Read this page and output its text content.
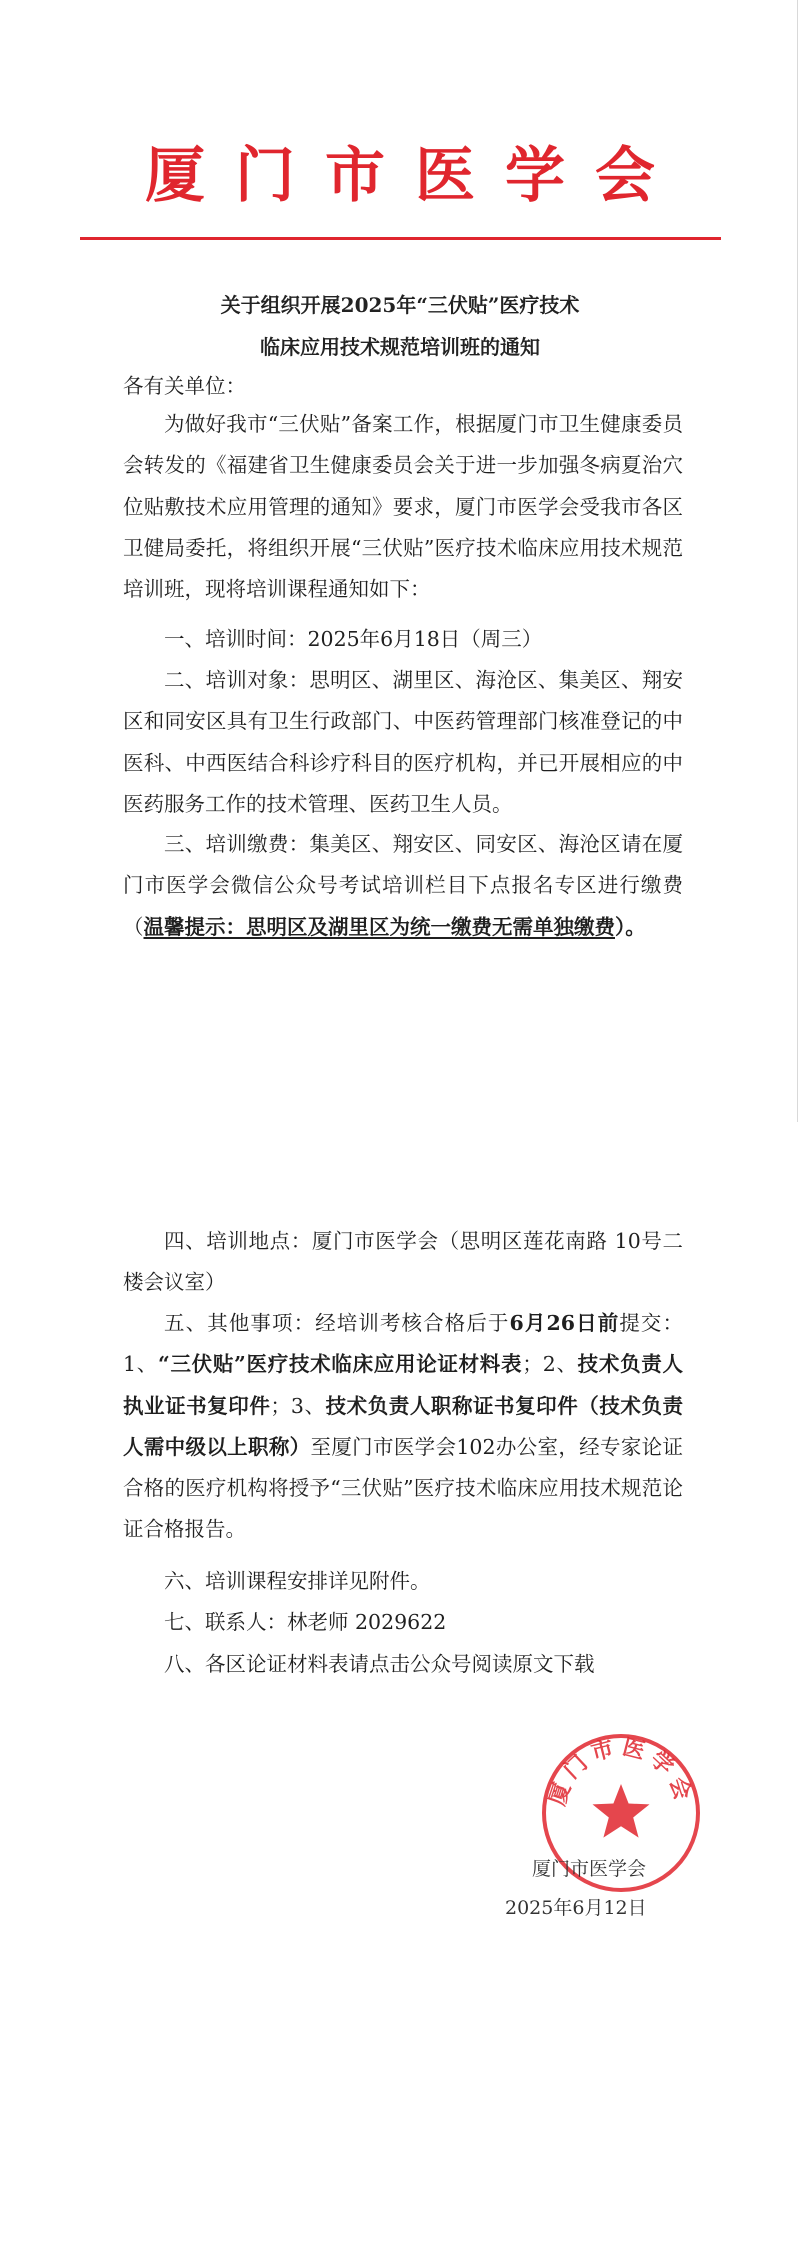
厦门市医学会
关于组织开展2025年“三伏贴”医疗技术
临床应用技术规范培训班的通知
各有关单位：
为做好我市“三伏贴”备案工作，根据厦门市卫生健康委员会转发的《福建省卫生健康委员会关于进一步加强冬病夏治穴位贴敷技术应用管理的通知》要求，厦门市医学会受我市各区卫健局委托，将组织开展“三伏贴”医疗技术临床应用技术规范培训班，现将培训课程通知如下：
一、培训时间：2025年6月18日（周三）
二、培训对象：思明区、湖里区、海沧区、集美区、翔安区和同安区具有卫生行政部门、中医药管理部门核准登记的中医科、中西医结合科诊疗科目的医疗机构，并已开展相应的中医药服务工作的技术管理、医药卫生人员。
三、培训缴费：集美区、翔安区、同安区、海沧区请在厦门市医学会微信公众号考试培训栏目下点报名专区进行缴费（温馨提示：思明区及湖里区为统一缴费无需单独缴费）。
四、培训地点：厦门市医学会（思明区莲花南路 10号二楼会议室）
五、其他事项：经培训考核合格后于6月26日前提交：1、“三伏贴”医疗技术临床应用论证材料表；2、技术负责人执业证书复印件；3、技术负责人职称证书复印件（技术负责人需中级以上职称）至厦门市医学会102办公室，经专家论证合格的医疗机构将授予“三伏贴”医疗技术临床应用技术规范论证合格报告。
六、培训课程安排详见附件。
七、联系人：林老师 2029622
八、各区论证材料表请点击公众号阅读原文下载
厦门市医学会
厦门市医学会
2025年6月12日
